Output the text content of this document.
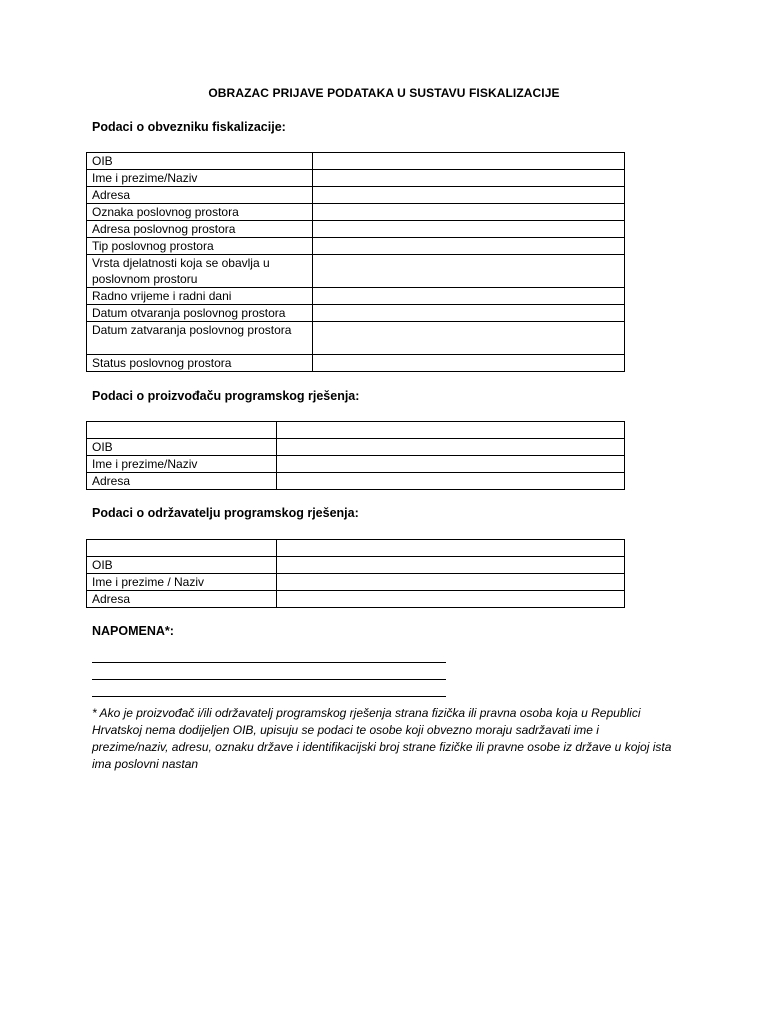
OBRAZAC PRIJAVE PODATAKA U SUSTAVU FISKALIZACIJE
Podaci o obvezniku fiskalizacije:
OIB	
Ime i prezime/Naziv	
Adresa	
Oznaka poslovnog prostora	
Adresa poslovnog prostora	
Tip poslovnog prostora	
Vrsta djelatnosti koja se obavlja u poslovnom prostoru	
Radno vrijeme i radni dani	
Datum otvaranja poslovnog prostora	
Datum zatvaranja poslovnog prostora	
Status poslovnog prostora	
Podaci o proizvođaču programskog rješenja:

OIB	
Ime i prezime/Naziv	
Adresa	
Podaci o održavatelju programskog rješenja:

OIB	
Ime i prezime / Naziv	
Adresa	
NAPOMENA*:
* Ako je proizvođač i/ili održavatelj programskog rješenja strana fizička ili pravna osoba koja u Republici Hrvatskoj nema dodijeljen OIB, upisuju se podaci te osobe koji obvezno moraju sadržavati ime i prezime/naziv, adresu, oznaku države i identifikacijski broj strane fizičke ili pravne osobe iz države u kojoj ista ima poslovni nastan
